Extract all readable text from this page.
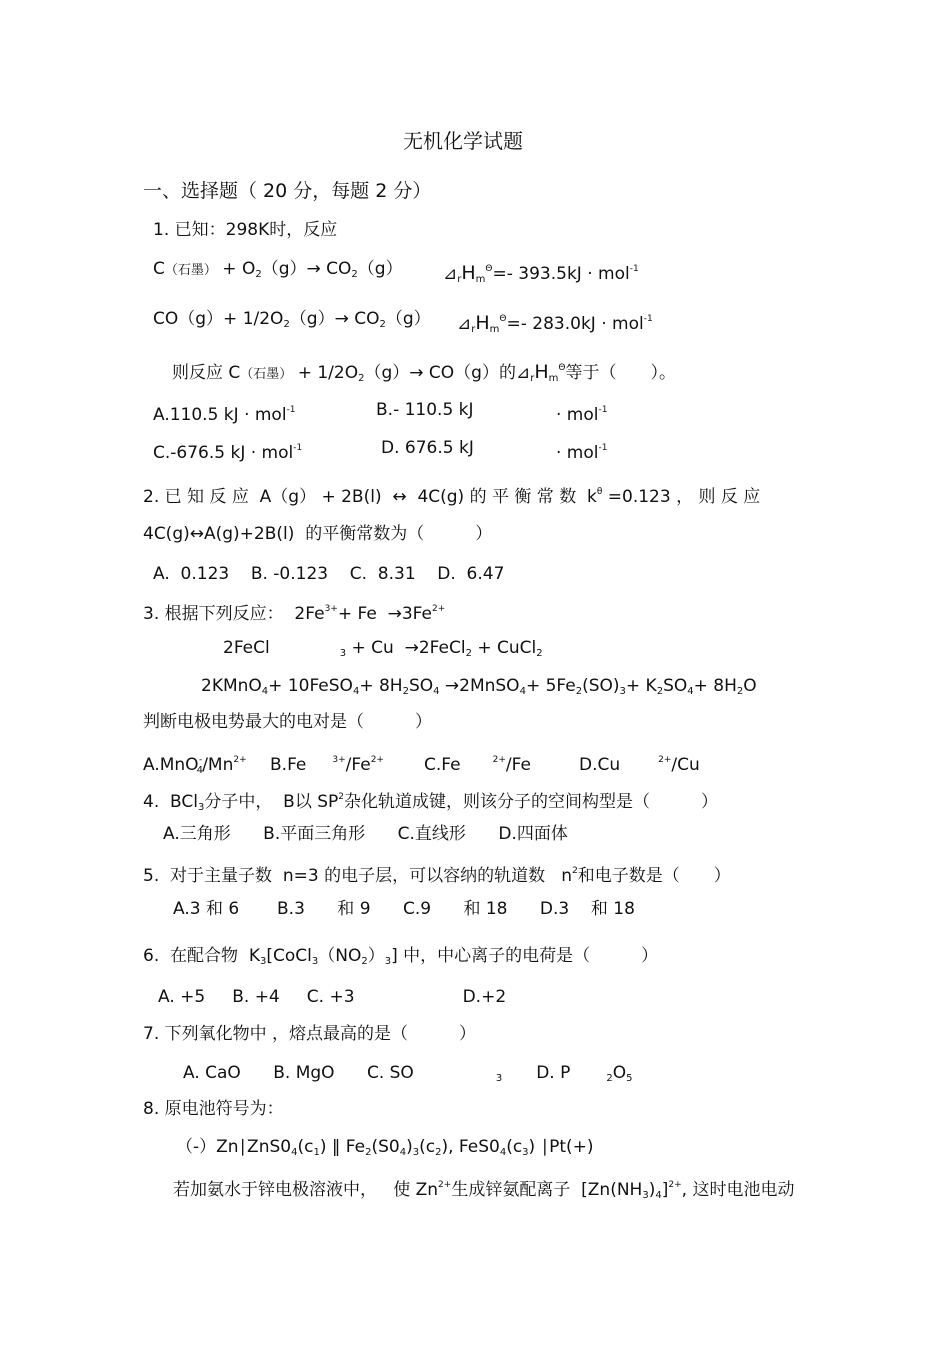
无机化学试题
一、选择题（ 20 分，每题 2 分）
1. 已知：298K时，反应
C（石墨） + $O_2(g)\to CO_2(g)$ $⊿_rH_m^\Theta=-$ 393.5kJ · mol$^{-1}$
$CO(g)+ 1/2O_2(g)\to CO_2(g)$ $⊿_rH_m^\Theta=-$ 283.0kJ · mol$^{-1}$
则反应 C（石墨） + $1/2O_2(g)\to CO(g)$的$⊿_rH_m^\Theta$等于（　　）。
A.110.5 kJ · mol$^{-1}$	B.- 110.5 kJ	· mol$^{-1}$
C.-676.5 kJ · mol$^{-1}$	D. 676.5 kJ	· mol$^{-1}$
2. 已 知 反 应  A（g） + 2B(l)  ↔  4C(g) 的 平 衡 常 数  $k^\theta =0.123$ ， 则 反 应
4C(g)↔A(g)+2B(l)  的平衡常数为（　　　）
A.  0.123    B. -0.123    C.  8.31    D.  6.47
3. 根据下列反应：  $2Fe^{3+}+ Fe \to 3Fe^{2+}$
2FeCl	$_3$ + Cu  →2FeCl$_2$ + CuCl$_2$
2KMnO$_4$+ 10FeSO$_4$+ $8H_2SO_4$ →2MnSO$_4$+ $5Fe_2(SO)_3+ K_2SO_4+ 8H_2O$
判断电极电势最大的电对是（　　　）
$A.MnO_4^-/Mn^{2+}$ B.Fe	$^{3+}/Fe^{2+}$ C.Fe	$^{2+}$/Fe	D.Cu	$^{2+}$/Cu
4.  BCl$_3$分子中，  B以 $SP^2$杂化轨道成键，则该分子的空间构型是（　　　）
A.三角形      B.平面三角形      C.直线形      D.四面体
5.  对于主量子数  n=3 的电子层，可以容纳的轨道数   $n^2$和电子数是（　　）
A.3 和 6       B.3      和 9      C.9      和 18      D.3    和 18
6.  在配合物  $K_3[CoCl_3(NO_2)_3]$ 中，中心离子的电荷是（　　　）
A. +5     B. +4     C. +3                    D.+2
7. 下列氧化物中 ，熔点最高的是（　　　）
A. CaO      B. MgO      C. SO	$_3$ D. P	$_2O_5$
8. 原电池符号为：
$(-)Zn∣ZnS0_4(c_1)$ ‖ $Fe_2(S0_4)_3(c_2)$, $FeS0_4(c_3)$ ∣Pt(+)
若加氨水于锌电极溶液中，   使 $Zn^{2+}$生成锌氨配离子  $[Zn(NH_3)_4]^{2+}$, 这时电池电动
